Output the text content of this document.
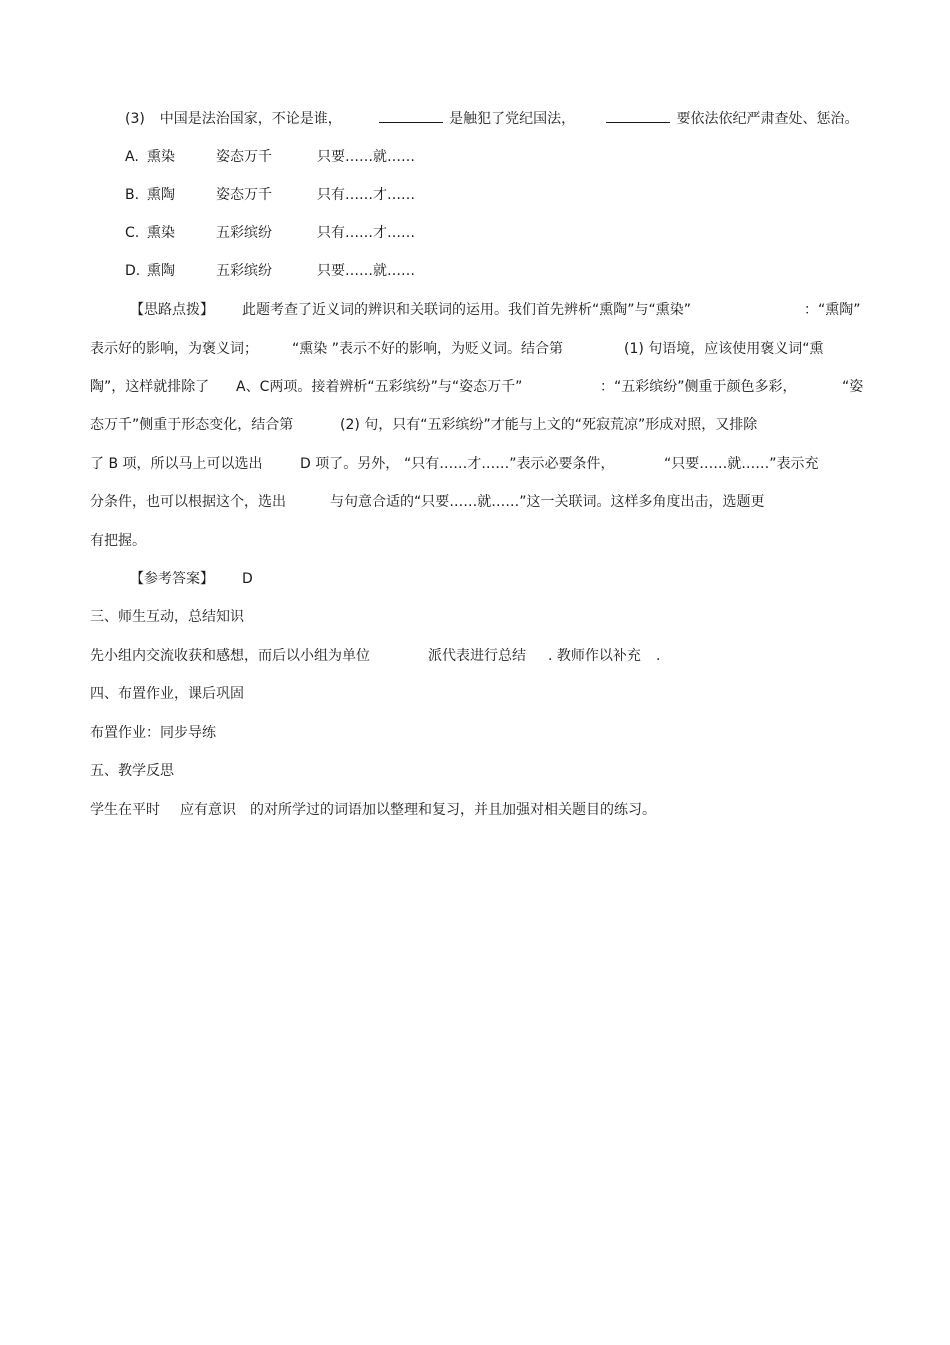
(3) 中国是法治国家，不论是谁，	是触犯了党纪国法，	要依法依纪严肃查处、惩治。
A. 熏染	姿态万千	只要……就……
B. 熏陶	姿态万千	只有……才……
C. 熏染	五彩缤纷	只有……才……
D. 熏陶	五彩缤纷	只要……就……
【思路点拨】 此题考查了近义词的辨识和关联词的运用。我们首先辨析“熏陶”与“熏染”	：“熏陶”
表示好的影响，为褒义词； “熏染 ”表示不好的影响，为贬义词。结合第	(1) 句语境，应该使用褒义词“熏
陶”，这样就排除了 A、C两项。接着辨析“五彩缤纷”与“姿态万千”	：“五彩缤纷”侧重于颜色多彩，	“姿
态万千”侧重于形态变化，结合第	(2) 句，只有“五彩缤纷”才能与上文的“死寂荒凉”形成对照，又排除
了 B 项，所以马上可以选出	D 项了。另外， “只有……才……”表示必要条件，	“只要……就……”表示充
分条件，也可以根据这个，选出	与句意合适的“只要……就……”这一关联词。这样多角度出击，选题更
有把握。
【参考答案】 D
三、师生互动，总结知识
先小组内交流收获和感想，而后以小组为单位	派代表进行总结 . 教师作以补充 .
四、布置作业，课后巩固
布置作业：同步导练
五、教学反思
学生在平时 应有意识 的对所学过的词语加以整理和复习，并且加强对相关题目的练习。
